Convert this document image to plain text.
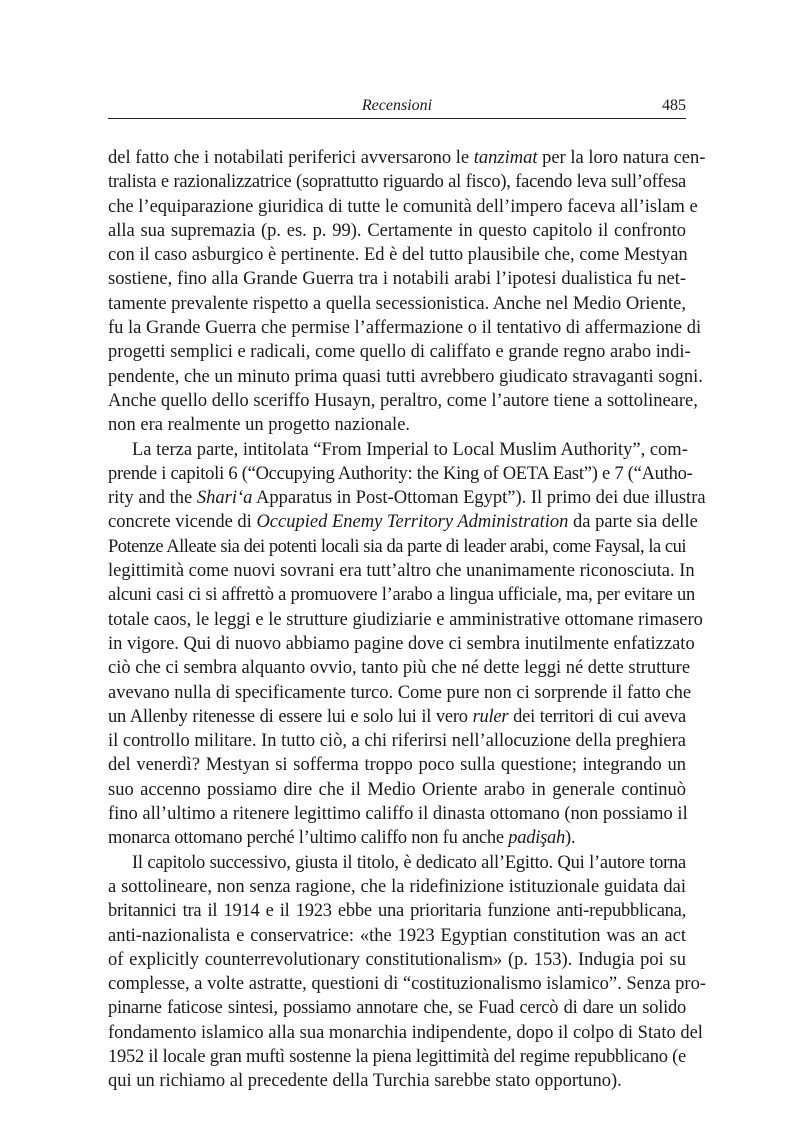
Recensioni	485
del fatto che i notabilati periferici avversarono le tanzimat per la loro natura cen-
tralista e razionalizzatrice (soprattutto riguardo al fisco), facendo leva sull’offesa
che l’equiparazione giuridica di tutte le comunità dell’impero faceva all’islam e
alla sua supremazia (p. es. p. 99). Certamente in questo capitolo il confronto
con il caso asburgico è pertinente. Ed è del tutto plausibile che, come Mestyan
sostiene, fino alla Grande Guerra tra i notabili arabi l’ipotesi dualistica fu net-
tamente prevalente rispetto a quella secessionistica. Anche nel Medio Oriente,
fu la Grande Guerra che permise l’affermazione o il tentativo di affermazione di
progetti semplici e radicali, come quello di califfato e grande regno arabo indi-
pendente, che un minuto prima quasi tutti avrebbero giudicato stravaganti sogni.
Anche quello dello sceriffo Husayn, peraltro, come l’autore tiene a sottolineare,
non era realmente un progetto nazionale.
La terza parte, intitolata “From Imperial to Local Muslim Authority”, com-
prende i capitoli 6 (“Occupying Authority: the King of OETA East”) e 7 (“Autho-
rity and the Shari‘a Apparatus in Post-Ottoman Egypt”). Il primo dei due illustra
concrete vicende di Occupied Enemy Territory Administration da parte sia delle
Potenze Alleate sia dei potenti locali sia da parte di leader arabi, come Faysal, la cui
legittimità come nuovi sovrani era tutt’altro che unanimamente riconosciuta. In
alcuni casi ci si affrettò a promuovere l’arabo a lingua ufficiale, ma, per evitare un
totale caos, le leggi e le strutture giudiziarie e amministrative ottomane rimasero
in vigore. Qui di nuovo abbiamo pagine dove ci sembra inutilmente enfatizzato
ciò che ci sembra alquanto ovvio, tanto più che né dette leggi né dette strutture
avevano nulla di specificamente turco. Come pure non ci sorprende il fatto che
un Allenby ritenesse di essere lui e solo lui il vero ruler dei territori di cui aveva
il controllo militare. In tutto ciò, a chi riferirsi nell’allocuzione della preghiera
del venerdì? Mestyan si sofferma troppo poco sulla questione; integrando un
suo accenno possiamo dire che il Medio Oriente arabo in generale continuò
fino all’ultimo a ritenere legittimo califfo il dinasta ottomano (non possiamo il
monarca ottomano perché l’ultimo califfo non fu anche padişah).
Il capitolo successivo, giusta il titolo, è dedicato all’Egitto. Qui l’autore torna
a sottolineare, non senza ragione, che la ridefinizione istituzionale guidata dai
britannici tra il 1914 e il 1923 ebbe una prioritaria funzione anti-repubblicana,
anti-nazionalista e conservatrice: «the 1923 Egyptian constitution was an act
of explicitly counterrevolutionary constitutionalism» (p. 153). Indugia poi su
complesse, a volte astratte, questioni di “costituzionalismo islamico”. Senza pro-
pinarne faticose sintesi, possiamo annotare che, se Fuad cercò di dare un solido
fondamento islamico alla sua monarchia indipendente, dopo il colpo di Stato del
1952 il locale gran muftì sostenne la piena legittimità del regime repubblicano (e
qui un richiamo al precedente della Turchia sarebbe stato opportuno).
